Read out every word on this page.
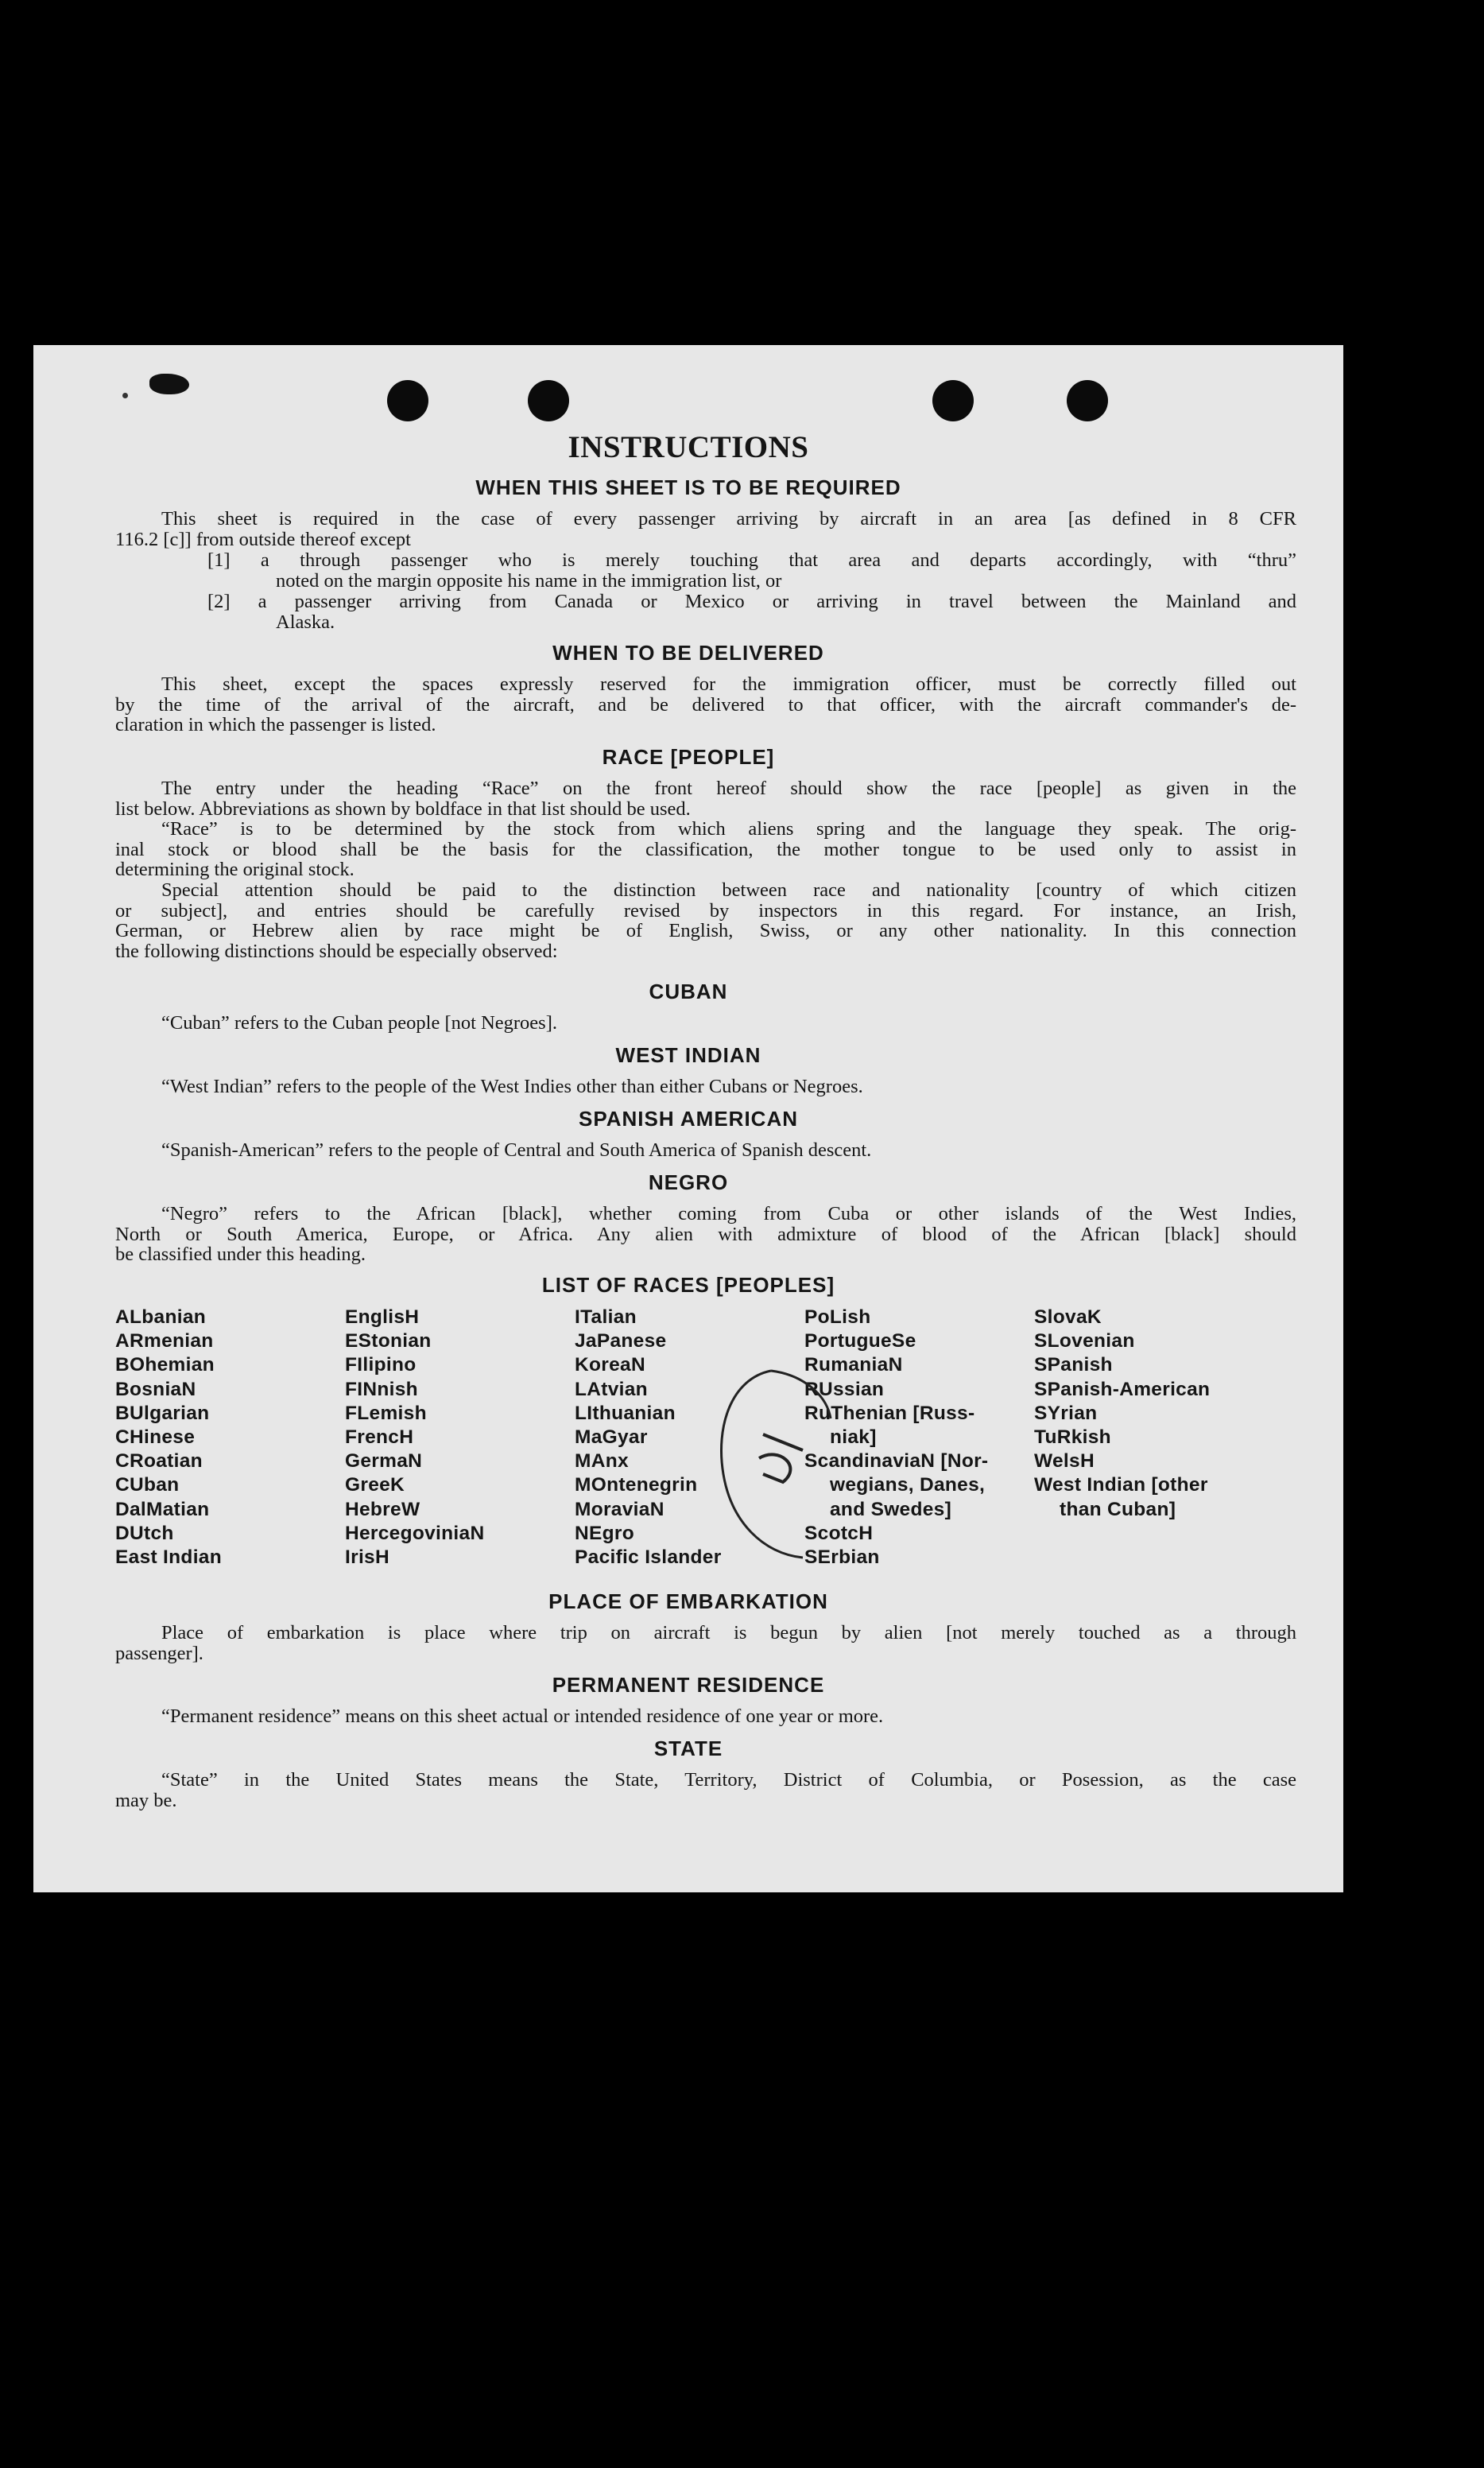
INSTRUCTIONS
WHEN THIS SHEET IS TO BE REQUIRED
This sheet is required in the case of every passenger arriving by aircraft in an area [as defined in 8 CFR
116.2 [c]] from outside thereof except
[1] a through passenger who is merely touching that area and departs accordingly, with “thru”
noted on the margin opposite his name in the immigration list, or
[2] a passenger arriving from Canada or Mexico or arriving in travel between the Mainland and
Alaska.
WHEN TO BE DELIVERED
This sheet, except the spaces expressly reserved for the immigration officer, must be correctly filled out
by the time of the arrival of the aircraft, and be delivered to that officer, with the aircraft commander's de-
claration in which the passenger is listed.
RACE [PEOPLE]
The entry under the heading “Race” on the front hereof should show the race [people] as given in the
list below. Abbreviations as shown by boldface in that list should be used.
“Race” is to be determined by the stock from which aliens spring and the language they speak. The orig-
inal stock or blood shall be the basis for the classification, the mother tongue to be used only to assist in
determining the original stock.
Special attention should be paid to the distinction between race and nationality [country of which citizen
or subject], and entries should be carefully revised by inspectors in this regard. For instance, an Irish,
German, or Hebrew alien by race might be of English, Swiss, or any other nationality. In this connection
the following distinctions should be especially observed:
CUBAN
“Cuban” refers to the Cuban people [not Negroes].
WEST INDIAN
“West Indian” refers to the people of the West Indies other than either Cubans or Negroes.
SPANISH AMERICAN
“Spanish-American” refers to the people of Central and South America of Spanish descent.
NEGRO
“Negro” refers to the African [black], whether coming from Cuba or other islands of the West Indies,
North or South America, Europe, or Africa. Any alien with admixture of blood of the African [black] should
be classified under this heading.
LIST OF RACES [PEOPLES]
ALbanian
ARmenian
BOhemian
BosniaN
BUlgarian
CHinese
CRoatian
CUban
DalMatian
DUtch
East Indian
EnglisH
EStonian
FIlipino
FINnish
FLemish
FrencH
GermaN
GreeK
HebreW
HercegoviniaN
IrisH
ITalian
JaPanese
KoreaN
LAtvian
LIthuanian
MaGyar
MAnx
MOntenegrin
MoraviaN
NEgro
Pacific Islander
PoLish
PortugueSe
RumaniaN
RUssian
RuThenian [Russ-
niak]
ScandinaviaN [Nor-
wegians, Danes,
and Swedes]
ScotcH
SErbian
SlovaK
SLovenian
SPanish
SPanish-American
SYrian
TuRkish
WelsH
West Indian [other
than Cuban]
PLACE OF EMBARKATION
Place of embarkation is place where trip on aircraft is begun by alien [not merely touched as a through
passenger].
PERMANENT RESIDENCE
“Permanent residence” means on this sheet actual or intended residence of one year or more.
STATE
“State” in the United States means the State, Territory, District of Columbia, or Posession, as the case
may be.
